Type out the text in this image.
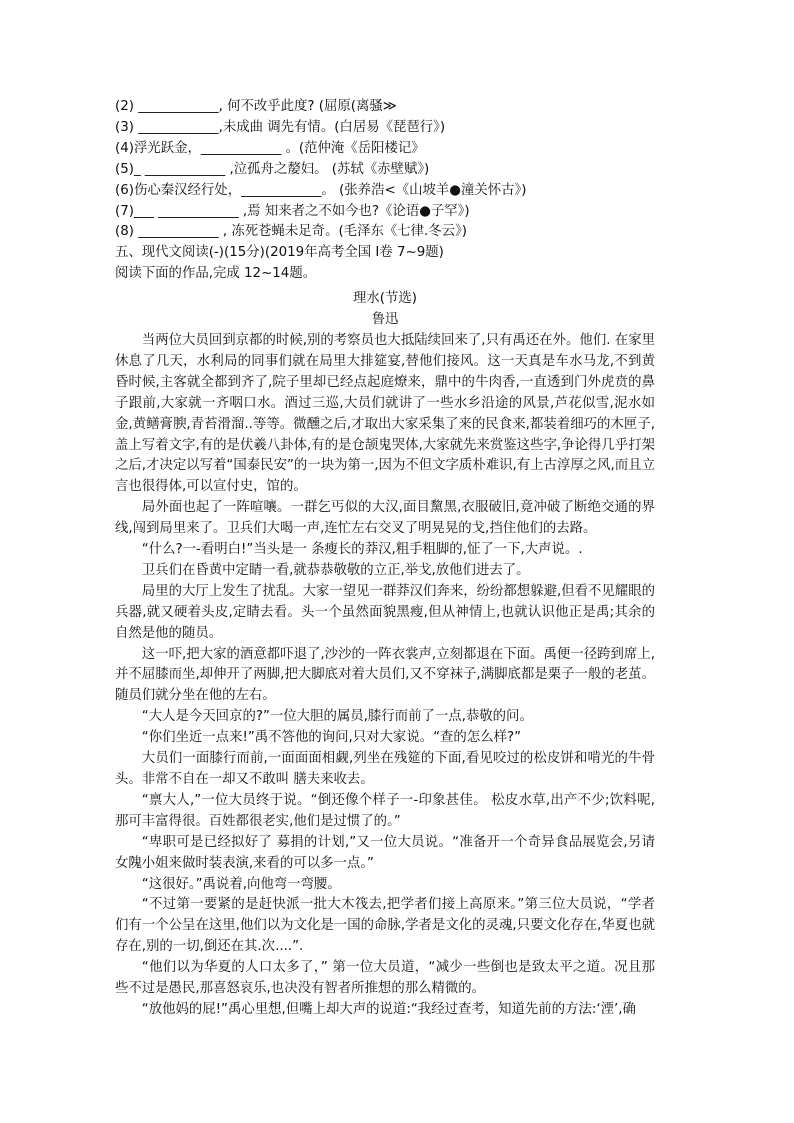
(2) ____________, 何不改乎此度? (屈原(离骚≫
(3) ____________,未成曲 调先有情。(白居易《琵琶行》)
(4)浮光跃金，____________ 。(范仲淹《岳阳楼记》
(5)_ ____________ ,泣孤舟之嫠妇。 (苏轼《赤壁赋》)
(6)伤心秦汉经行处，____________。 (张养浩<《山坡羊●潼关怀古》)
(7)___ ____________ ,焉 知来者之不如今也?《论语●子罕》)
(8) ____________ , 冻死苍蝇未足奇。(毛泽东《七律.冬云》)
五、现代文阅读(-)(15分)(2019年高考全国 I卷 7~9题)
阅读下面的作品,完成 12~14题。
理水(节选)
鲁迅

当两位大员回到京都的时候,别的考察员也大抵陆续回来了,只有禹还在外。他们. 在家里休息了几天，水利局的同事们就在局里大排筵宴,替他们接风。这一天真是车水马龙,不到黄昏时候,主客就全都到齐了,院子里却已经点起庭燎来，鼎中的牛肉香,一直透到门外虎贲的鼻子跟前,大家就一齐咽口水。酒过三巡,大员们就讲了一些水乡沿途的风景,芦花似雪,泥水如金,黄鳝膏腴,青苔滑溜..等等。微醺之后,才取出大家采集了来的民食来,都装着细巧的木匣子,盖上写着文字,有的是伏羲八卦体,有的是仓颉鬼哭体,大家就先来赏鉴这些字,争论得几乎打架之后,才决定以写着“国泰民安”的一块为第一,因为不但文字质朴难识,有上古淳厚之风,而且立言也很得体,可以宣付史，馆的。

局外面也起了一阵喧嚷。一群乞丐似的大汉,面目黧黑,衣服破旧,竟冲破了断绝交通的界线,闯到局里来了。卫兵们大喝一声,连忙左右交叉了明晃晃的戈,挡住他们的去路。

“什么?一-看明白!”当头是一 条瘦长的莽汉,粗手粗脚的,怔了一下,大声说。.

卫兵们在昏黄中定睛一看,就恭恭敬敬的立正,举戈,放他们进去了。

局里的大厅上发生了扰乱。大家一望见一群莽汉们奔来，纷纷都想躲避,但看不见耀眼的兵器,就又硬着头皮,定睛去看。头一个虽然面貌黑瘦,但从神情上,也就认识他正是禹;其余的自然是他的随员。

这一吓,把大家的酒意都吓退了,沙沙的一阵衣裳声,立刻都退在下面。禹便一径跨到席上,并不屈膝而坐,却伸开了两脚,把大脚底对着大员们,又不穿袜子,满脚底都是栗子一般的老茧。随员们就分坐在他的左右。

“大人是今天回京的?”一位大胆的属员,膝行而前了一点,恭敬的问。

“你们坐近一点来!”禹不答他的询问,只对大家说。“查的怎么样?”

大员们一面膝行而前,一面面面相觑,列坐在残筵的下面,看见咬过的松皮饼和啃光的牛骨头。非常不自在一却又不敢叫 膳夫来收去。

“禀大人,”一位大员终于说。“倒还像个样子一-印象甚佳。 松皮水草,出产不少;饮料呢,那可丰富得很。百姓都很老实,他们是过惯了的。”

“卑职可是已经拟好了 募捐的计划,”又一位大员说。“准备开一个奇异食品展览会,另请女隗小姐来做时装表演,来看的可以多一点。”

“这很好。”禹说着,向他弯一弯腰。

“不过第一要紧的是赶快派一批大木筏去,把学者们接上高原来。”第三位大员说，“学者们有一个公呈在这里,他们以为文化是一国的命脉,学者是文化的灵魂,只要文化存在,华夏也就存在,别的一切,倒还在其.次....”.

“他们以为华夏的人口太多了，” 第一位大员道，“减少一些倒也是致太平之道。况且那些不过是愚民,那喜怒哀乐,也决没有智者所推想的那么精微的。

“放他妈的屁!”禹心里想,但嘴上却大声的说道:“我经过查考，知道先前的方法:‘湮’,确
